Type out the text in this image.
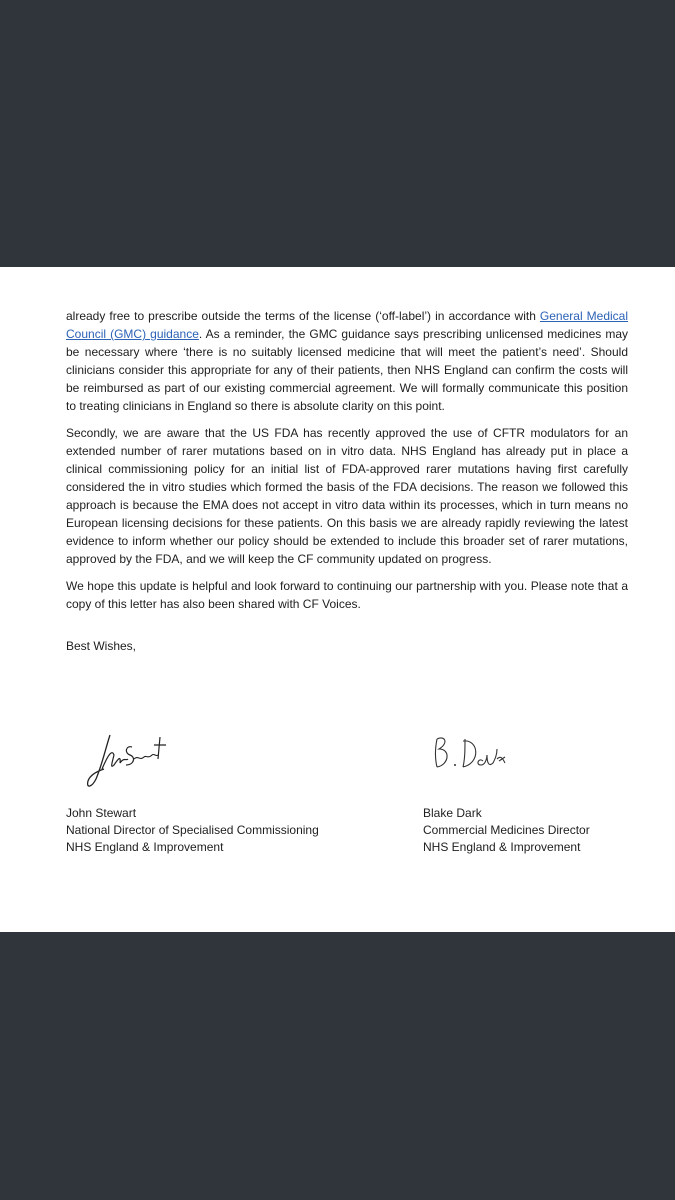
already free to prescribe outside the terms of the license (‘off-label’) in accordance with General Medical Council (GMC) guidance. As a reminder, the GMC guidance says prescribing unlicensed medicines may be necessary where ‘there is no suitably licensed medicine that will meet the patient’s need’. Should clinicians consider this appropriate for any of their patients, then NHS England can confirm the costs will be reimbursed as part of our existing commercial agreement. We will formally communicate this position to treating clinicians in England so there is absolute clarity on this point.

Secondly, we are aware that the US FDA has recently approved the use of CFTR modulators for an extended number of rarer mutations based on in vitro data. NHS England has already put in place a clinical commissioning policy for an initial list of FDA-approved rarer mutations having first carefully considered the in vitro studies which formed the basis of the FDA decisions. The reason we followed this approach is because the EMA does not accept in vitro data within its processes, which in turn means no European licensing decisions for these patients. On this basis we are already rapidly reviewing the latest evidence to inform whether our policy should be extended to include this broader set of rarer mutations, approved by the FDA, and we will keep the CF community updated on progress.

We hope this update is helpful and look forward to continuing our partnership with you. Please note that a copy of this letter has also been shared with CF Voices.

Best Wishes,

John Stewart
National Director of Specialised Commissioning
NHS England & Improvement
Blake Dark
Commercial Medicines Director
NHS England & Improvement
